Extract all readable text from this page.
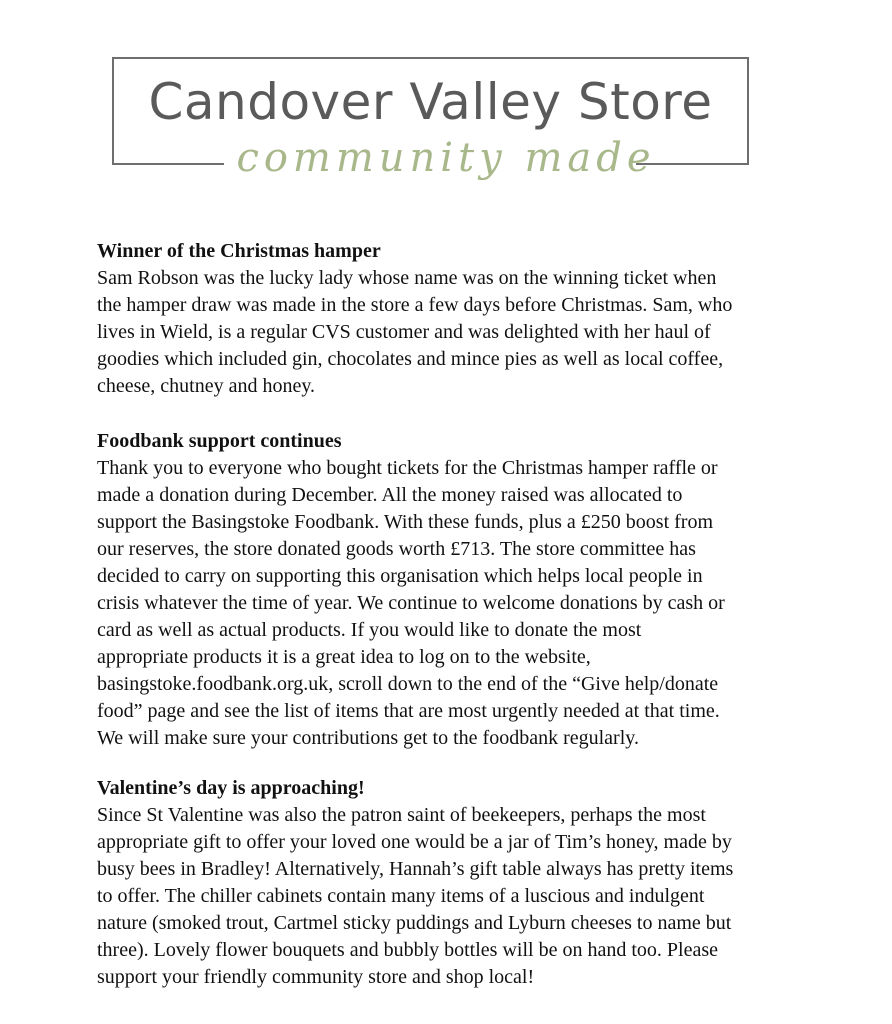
Candover Valley Store
community made
Winner of the Christmas hamper

Sam Robson was the lucky lady whose name was on the winning ticket when
the hamper draw was made in the store a few days before Christmas. Sam, who
lives in Wield, is a regular CVS customer and was delighted with her haul of
goodies which included gin, chocolates and mince pies as well as local coffee,
cheese, chutney and honey.

Foodbank support continues

Thank you to everyone who bought tickets for the Christmas hamper raffle or
made a donation during December. All the money raised was allocated to
support the Basingstoke Foodbank. With these funds, plus a £250 boost from
our reserves, the store donated goods worth £713. The store committee has
decided to carry on supporting this organisation which helps local people in
crisis whatever the time of year. We continue to welcome donations by cash or
card as well as actual products. If you would like to donate the most
appropriate products it is a great idea to log on to the website,
basingstoke.foodbank.org.uk, scroll down to the end of the “Give help/donate
food” page and see the list of items that are most urgently needed at that time.
We will make sure your contributions get to the foodbank regularly.

Valentine’s day is approaching!

Since St Valentine was also the patron saint of beekeepers, perhaps the most
appropriate gift to offer your loved one would be a jar of Tim’s honey, made by
busy bees in Bradley! Alternatively, Hannah’s gift table always has pretty items
to offer. The chiller cabinets contain many items of a luscious and indulgent
nature (smoked trout, Cartmel sticky puddings and Lyburn cheeses to name but
three). Lovely flower bouquets and bubbly bottles will be on hand too. Please
support your friendly community store and shop local!
